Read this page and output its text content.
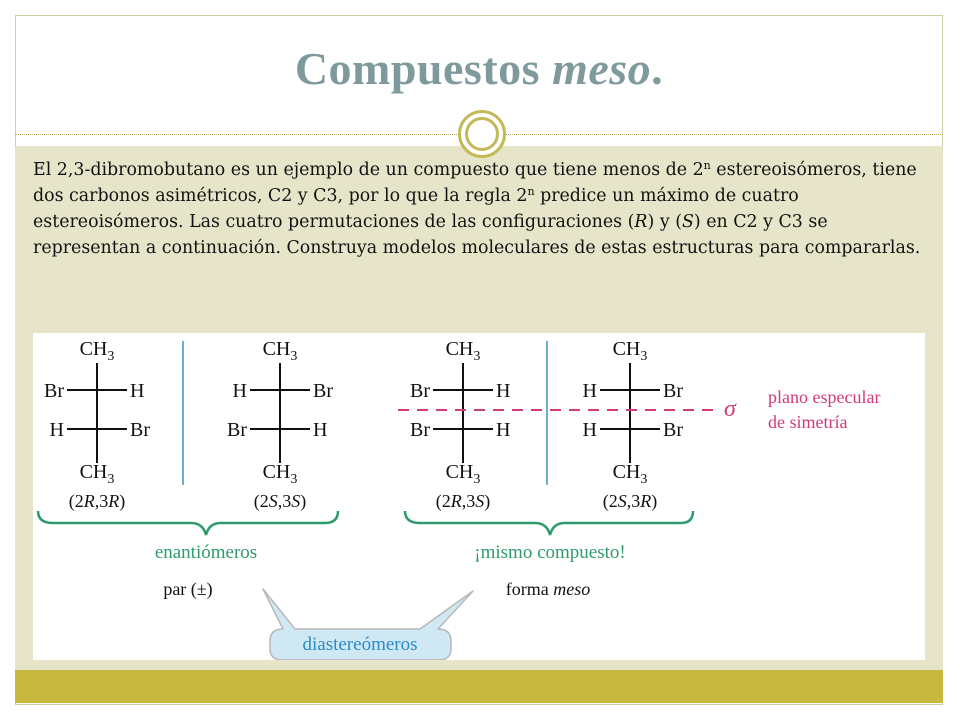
Compuestos meso.
El 2,3-dibromobutano es un ejemplo de un compuesto que tiene menos de 2$^n$ estereoisómeros, tiene dos carbonos asimétricos, C2 y C3, por lo que la regla 2$^n$ predice un máximo de cuatro estereoisómeros. Las cuatro permutaciones de las configuraciones (R) y (S) en C2 y C3 se representan a continuación. Construya modelos moleculares de estas estructuras para compararlas.
$CH_3$
Br	H
H	Br
$CH_3$
(2R,3R)
$CH_3$
H	Br
Br	H
$CH_3$
(2S,3S)
$CH_3$
Br	H
Br	H
$CH_3$
(2R,3S)
$CH_3$
H	Br
H	Br
$CH_3$
(2S,3R)
σ plano especular
de simetría
enantiómeros	¡mismo compuesto!
par (±)	forma meso
diastereómeros
